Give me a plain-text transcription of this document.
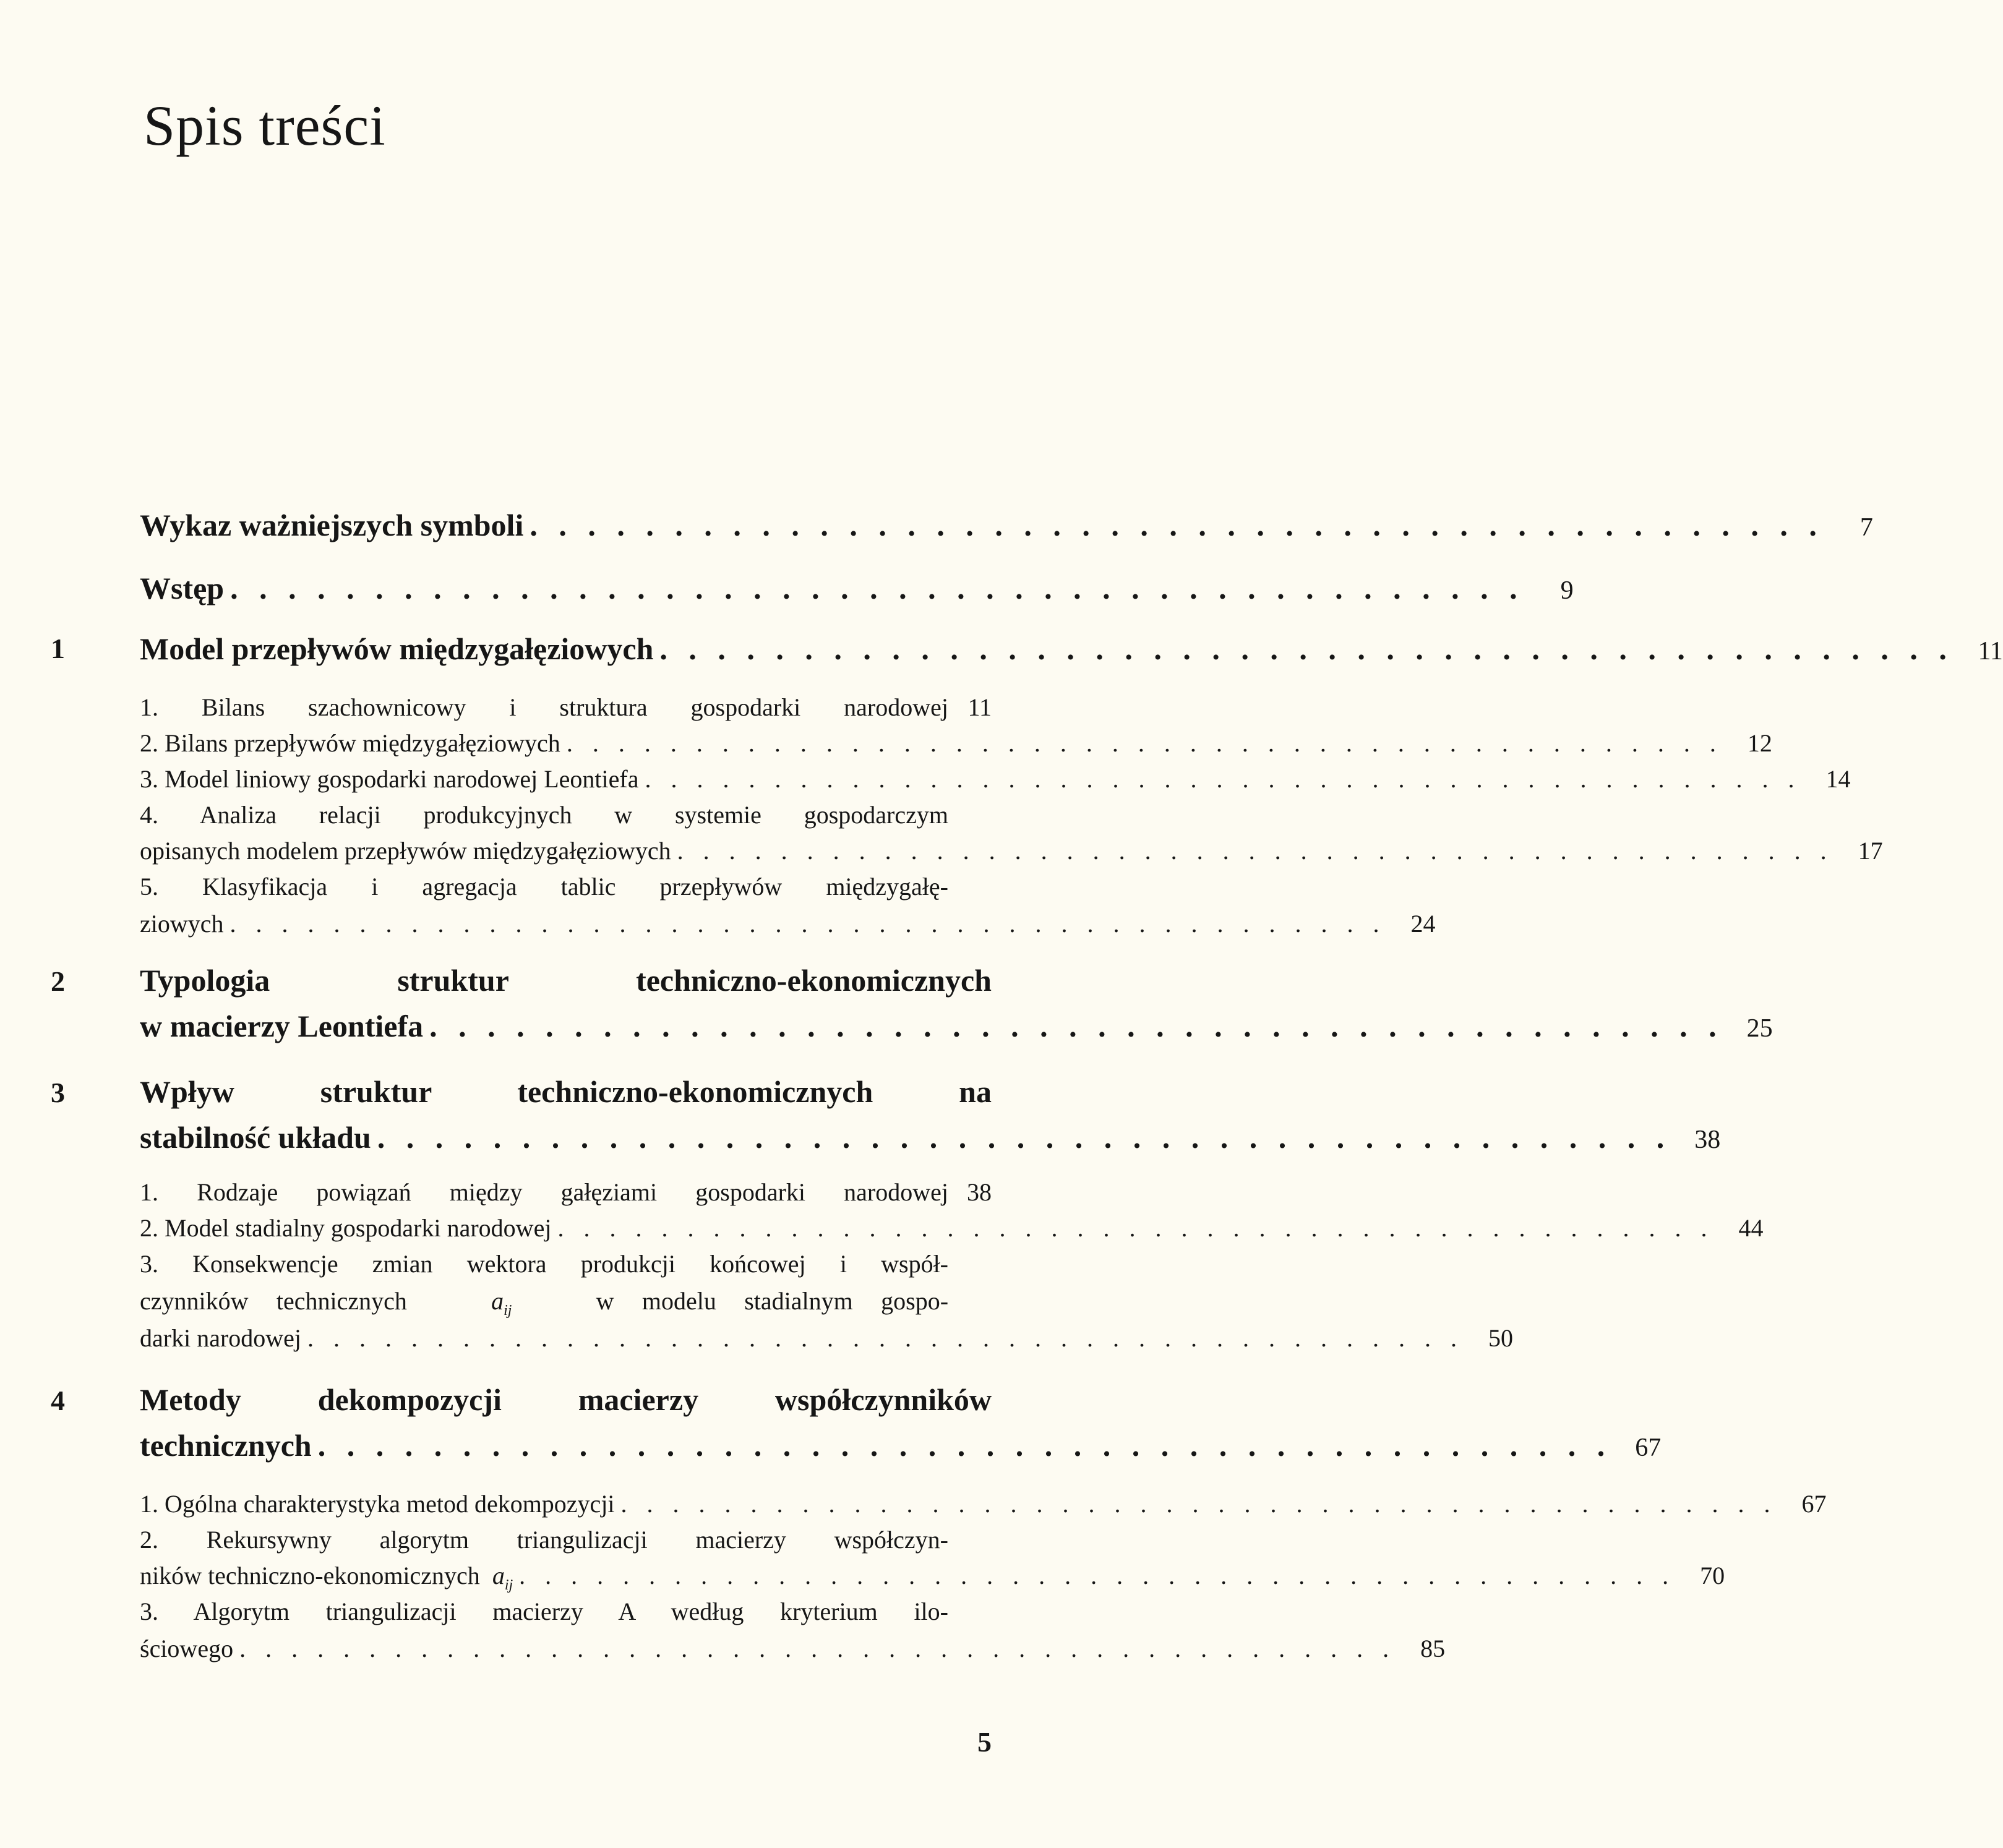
Spis treści
Wykaz ważniejszych symboli . . . . . . . . . . . . . . . . . . . . . . . . . . . . . . . . . . . . . . . . . . . . .	7
Wstęp . . . . . . . . . . . . . . . . . . . . . . . . . . . . . . . . . . . . . . . . . . . . .	9
1 Model przepływów międzygałęziowych . . . . . . . . . . . . . . . . . . . . . . . . . . . . . . . . . . . . . . . . . . . . . 11
1. Bilans szachownicowy i struktura gospodarki narodowej 11
2. Bilans przepływów międzygałęziowych . . . . . . . . . . . . . . . . . . . . . . . . . . . . . . . . . . . . . . . . . . . . .	12
3. Model liniowy gospodarki narodowej Leontiefa . . . . . . . . . . . . . . . . . . . . . . . . . . . . . . . . . . . . . . . . . . . . .	14
4. Analiza relacji produkcyjnych w systemie gospodarczym
opisanych modelem przepływów międzygałęziowych . . . . . . . . . . . . . . . . . . . . . . . . . . . . . . . . . . . . . . . . . . . . .	17
5. Klasyfikacja i agregacja tablic przepływów międzygałę-
ziowych . . . . . . . . . . . . . . . . . . . . . . . . . . . . . . . . . . . . . . . . . . . . .	24
2 Typologia struktur techniczno-ekonomicznych
w macierzy Leontiefa . . . . . . . . . . . . . . . . . . . . . . . . . . . . . . . . . . . . . . . . . . . . . 25
3 Wpływ struktur techniczno-ekonomicznych na
stabilność układu . . . . . . . . . . . . . . . . . . . . . . . . . . . . . . . . . . . . . . . . . . . . . 38
1. Rodzaje powiązań między gałęziami gospodarki narodowej 38
2. Model stadialny gospodarki narodowej . . . . . . . . . . . . . . . . . . . . . . . . . . . . . . . . . . . . . . . . . . . . .	44
3. Konsekwencje zmian wektora produkcji końcowej i współ-
czynników technicznych	$a_{ij}$	w modelu stadialnym gospo-
darki narodowej . . . . . . . . . . . . . . . . . . . . . . . . . . . . . . . . . . . . . . . . . . . . .	50
4 Metody dekompozycji macierzy współczynników
technicznych . . . . . . . . . . . . . . . . . . . . . . . . . . . . . . . . . . . . . . . . . . . . . 67
1. Ogólna charakterystyka metod dekompozycji . . . . . . . . . . . . . . . . . . . . . . . . . . . . . . . . . . . . . . . . . . . . .	67
2. Rekursywny algorytm triangulizacji macierzy współczyn-
ników techniczno-ekonomicznych $a_{ij}$ . . . . . . . . . . . . . . . . . . . . . . . . . . . . . . . . . . . . . . . . . . . . .	70
3. Algorytm triangulizacji macierzy A według kryterium ilo-
ściowego . . . . . . . . . . . . . . . . . . . . . . . . . . . . . . . . . . . . . . . . . . . . .	85
5
